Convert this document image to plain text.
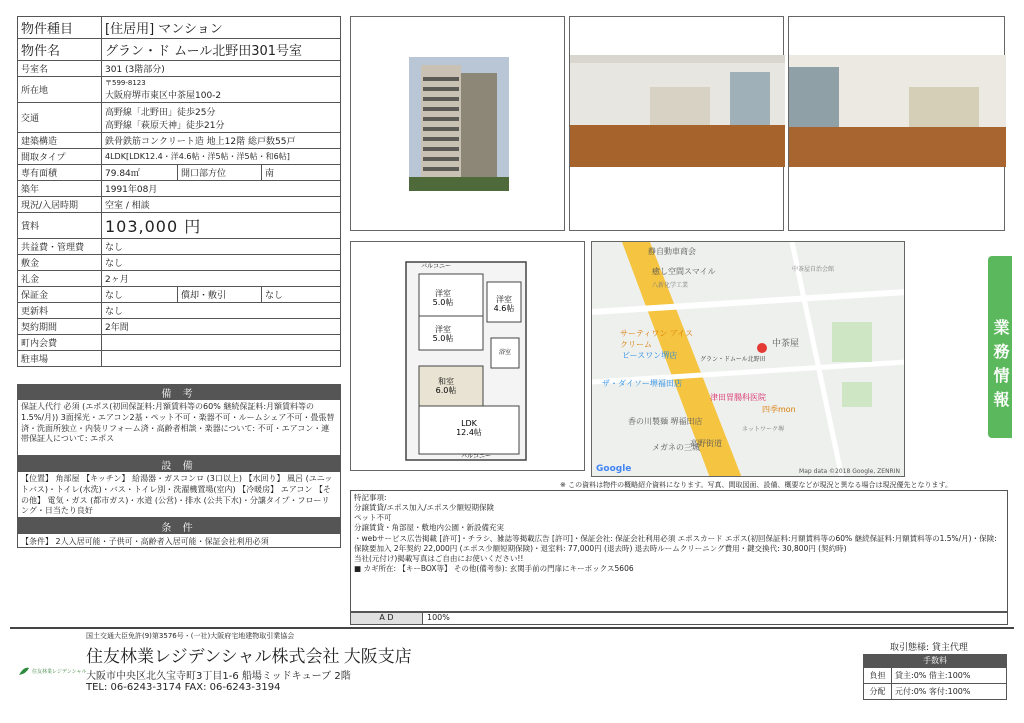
物件種目	[住居用] マンション		
物件名	グラン・ド ムール北野田301号室		
号室名	301 (3階部分)		
所在地	〒599-8123
大阪府堺市東区中茶屋100-2		

交通	高野線「北野田」徒歩25分
高野線「萩原天神」徒歩21分		

建築構造	鉄骨鉄筋コンクリート造 地上12階 総戸数55戸		
間取タイプ	4LDK[LDK12.4・洋4.6帖・洋5帖・洋5帖・和6帖]		
専有面積	79.84㎡	開口部方位	南
築年	1991年08月		
現況/入居時期	空室 / 相談		
賃料	103,000 円		
共益費・管理費	なし		
敷金	なし		
礼金	2ヶ月		
保証金	なし	償却・敷引	なし
更新料	なし		
契約期間	2年間		
町内会費			
駐車場			
備 考
保証人代行 必須 (エポス(初回保証料:月額賃料等の60% 継続保証料:月額賃料等の1.5%/月)) 3面採光・エアコン2基・ペット不可・楽器不可・ルームシェア不可・畳張替済・洗面所独立・内装リフォーム済・高齢者相談・楽器について: 不可・エアコン・連帯保証人について: エポス
設 備
【位置】 角部屋 【キッチン】 給湯器・ガスコンロ (3口以上) 【水回り】 風呂 (ユニットバス)・トイレ(水洗)・バス・トイレ別・洗濯機置場(室内) 【冷暖房】 エアコン 【その他】 電気・ガス (都市ガス)・水道 (公営)・排水 (公共下水)・分譲タイプ・フローリング・日当たり良好
条 件
【条件】 2人入居可能・子供可・高齢者入居可能・保証会社利用必須
洋室
5.0帖	洋室
4.6帖
洋室
5.0帖
和室
6.0帖
LDK
12.4帖
浴室
バルコニー
バルコニー
静自動車商会
癒し空間スマイル	中茶屋自治会館
八新化学工業
サーティワン アイスクリーム
ビースワン堺店	グラン・ドムール北野田
ザ・ダイソー堺福田店
中茶屋
津田胃腸科医院
四季mon
香の川製麺 堺福田店
ネットワーク堺
メガネの三城
高野街道
Google	Map data ©2018 Google, ZENRIN
業務情報
※ この資料は物件の概略紹介資料になります。写真、間取図面、設備、概要などが現況と異なる場合は現況優先となります。
特記事項:
分譲賃貸/エポス加入/エポス少額短期保険
ペット不可
分譲賃貸・角部屋・敷地内公園・新設備充実
・webサービス広告掲載 [許可]・チラシ、雑誌等掲載広告 [許可]・保証会社: 保証会社利用必須 エポスカード エポス(初回保証料:月額賃料等の60% 継続保証料:月額賃料等の1.5%/月)・保険: 保険要加入 2年契約 22,000円 (エポス少額短期保険)・退室料: 77,000円 (退去時) 退去時ルームクリーニング費用・鍵交換代: 30,800円 (契約時)
当社(元付け)掲載写真はご自由にお使いください!!
■ カギ所在: 【キーBOX等】 その他(備考参): 玄関手前の門扉にキーボックス5606
A D	100%
国土交通大臣免許(9)第3576号・(一社)大阪府宅地建物取引業協会
住友林業レジデンシャル株式会社 大阪支店
大阪市中央区北久宝寺町3丁目1-6 船場ミッドキューブ 2階
TEL: 06-6243-3174 FAX: 06-6243-3194
住友林業レジデンシャル
取引態様: 貸主代理
手数料
負担	貸主:0% 借主:100%
分配	元付:0% 客付:100%
